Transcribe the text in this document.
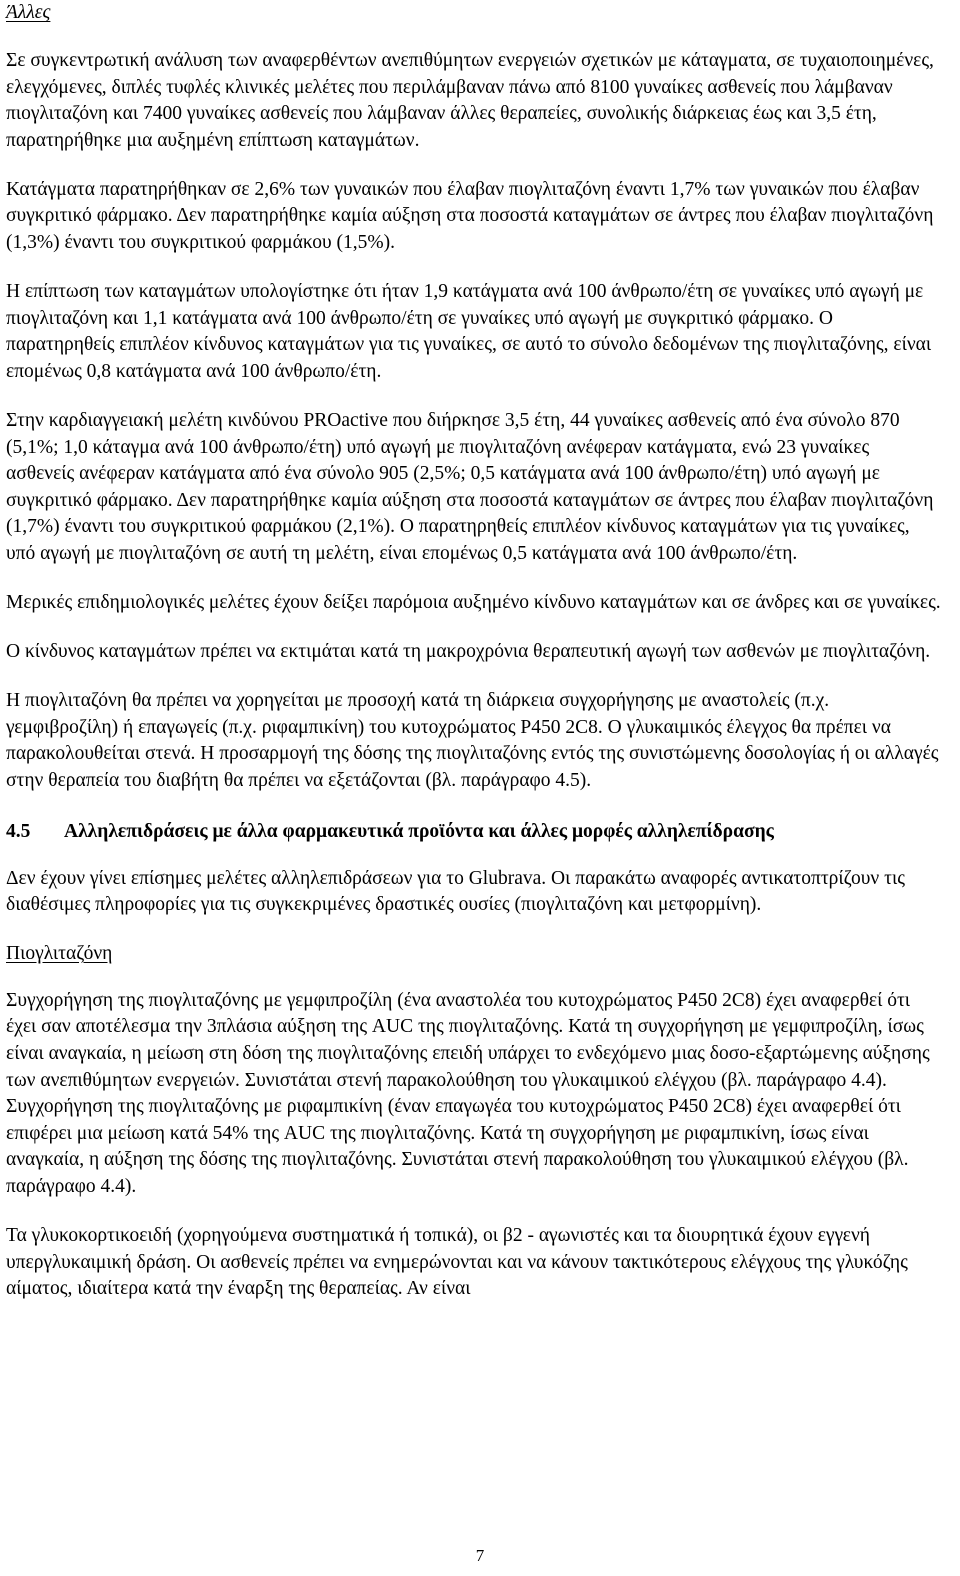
Άλλες

Σε συγκεντρωτική ανάλυση των αναφερθέντων ανεπιθύμητων ενεργειών σχετικών με κάταγματα, σε τυχαιοποιημένες, ελεγχόμενες, διπλές τυφλές κλινικές μελέτες που περιλάμβαναν πάνω από 8100 γυναίκες ασθενείς που λάμβαναν πιογλιταζόνη και 7400 γυναίκες ασθενείς που λάμβαναν άλλες θεραπείες, συνολικής διάρκειας έως και 3,5 έτη, παρατηρήθηκε μια αυξημένη επίπτωση καταγμάτων.

Κατάγματα παρατηρήθηκαν σε 2,6% των γυναικών που έλαβαν πιογλιταζόνη έναντι 1,7% των γυναικών που έλαβαν συγκριτικό φάρμακο. Δεν παρατηρήθηκε καμία αύξηση στα ποσοστά καταγμάτων σε άντρες που έλαβαν πιογλιταζόνη (1,3%) έναντι του συγκριτικού φαρμάκου (1,5%).

Η επίπτωση των καταγμάτων υπολογίστηκε ότι ήταν 1,9 κατάγματα ανά 100 άνθρωπο/έτη σε γυναίκες υπό αγωγή με πιογλιταζόνη και 1,1 κατάγματα ανά 100 άνθρωπο/έτη σε γυναίκες υπό αγωγή με συγκριτικό φάρμακο. Ο παρατηρηθείς επιπλέον κίνδυνος καταγμάτων για τις γυναίκες, σε αυτό το σύνολο δεδομένων της πιογλιταζόνης, είναι επομένως 0,8 κατάγματα ανά 100 άνθρωπο/έτη.

Στην καρδιαγγειακή μελέτη κινδύνου PROactive που διήρκησε 3,5 έτη, 44 γυναίκες ασθενείς από ένα σύνολο 870 (5,1%; 1,0 κάταγμα ανά 100 άνθρωπο/έτη) υπό αγωγή με πιογλιταζόνη ανέφεραν κατάγματα, ενώ 23 γυναίκες ασθενείς ανέφεραν κατάγματα από ένα σύνολο 905 (2,5%; 0,5 κατάγματα ανά 100 άνθρωπο/έτη) υπό αγωγή με συγκριτικό φάρμακο. Δεν παρατηρήθηκε καμία αύξηση στα ποσοστά καταγμάτων σε άντρες που έλαβαν πιογλιταζόνη (1,7%) έναντι του συγκριτικού φαρμάκου (2,1%). Ο παρατηρηθείς επιπλέον κίνδυνος καταγμάτων για τις γυναίκες, υπό αγωγή με πιογλιταζόνη σε αυτή τη μελέτη, είναι επομένως 0,5 κατάγματα ανά 100 άνθρωπο/έτη.

Μερικές επιδημιολογικές μελέτες έχουν δείξει παρόμοια αυξημένο κίνδυνο καταγμάτων και σε άνδρες και σε γυναίκες.

Ο κίνδυνος καταγμάτων πρέπει να εκτιμάται κατά τη μακροχρόνια θεραπευτική αγωγή των ασθενών με πιογλιταζόνη.

Η πιογλιταζόνη θα πρέπει να χορηγείται με προσοχή κατά τη διάρκεια συγχορήγησης με αναστολείς (π.χ. γεμφιβροζίλη) ή επαγωγείς (π.χ. ριφαμπικίνη) του κυτοχρώματος P450 2C8. Ο γλυκαιμικός έλεγχος θα πρέπει να παρακολουθείται στενά. Η προσαρμογή της δόσης της πιογλιταζόνης εντός της συνιστώμενης δοσολογίας ή οι αλλαγές στην θεραπεία του διαβήτη θα πρέπει να εξετάζονται (βλ. παράγραφο 4.5).

4.5	Αλληλεπιδράσεις με άλλα φαρμακευτικά προϊόντα και άλλες μορφές αλληλεπίδρασης

Δεν έχουν γίνει επίσημες μελέτες αλληλεπιδράσεων για το Glubrava. Οι παρακάτω αναφορές αντικατοπτρίζουν τις διαθέσιμες πληροφορίες για τις συγκεκριμένες δραστικές ουσίες (πιογλιταζόνη και μετφορμίνη).

Πιογλιταζόνη

Συγχορήγηση της πιογλιταζόνης με γεμφιπροζίλη (ένα αναστολέα του κυτοχρώματος P450 2C8) έχει αναφερθεί ότι έχει σαν αποτέλεσμα την 3πλάσια αύξηση της AUC της πιογλιταζόνης. Κατά τη συγχορήγηση με γεμφιπροζίλη, ίσως είναι αναγκαία, η μείωση στη δόση της πιογλιταζόνης επειδή υπάρχει το ενδεχόμενο μιας δοσο-εξαρτώμενης αύξησης των ανεπιθύμητων ενεργειών. Συνιστάται στενή παρακολούθηση του γλυκαιμικού ελέγχου (βλ. παράγραφο 4.4). Συγχορήγηση της πιογλιταζόνης με ριφαμπικίνη (έναν επαγωγέα του κυτοχρώματος P450 2C8) έχει αναφερθεί ότι επιφέρει μια μείωση κατά 54% της AUC της πιογλιταζόνης. Κατά τη συγχορήγηση με ριφαμπικίνη, ίσως είναι αναγκαία, η αύξηση της δόσης της πιογλιταζόνης. Συνιστάται στενή παρακολούθηση του γλυκαιμικού ελέγχου (βλ. παράγραφο 4.4).

Τα γλυκοκορτικοειδή (χορηγούμενα συστηματικά ή τοπικά), οι β2 - αγωνιστές και τα διουρητικά έχουν εγγενή υπεργλυκαιμική δράση. Οι ασθενείς πρέπει να ενημερώνονται και να κάνουν τακτικότερους ελέγχους της γλυκόζης αίματος, ιδιαίτερα κατά την έναρξη της θεραπείας. Αν είναι

7
